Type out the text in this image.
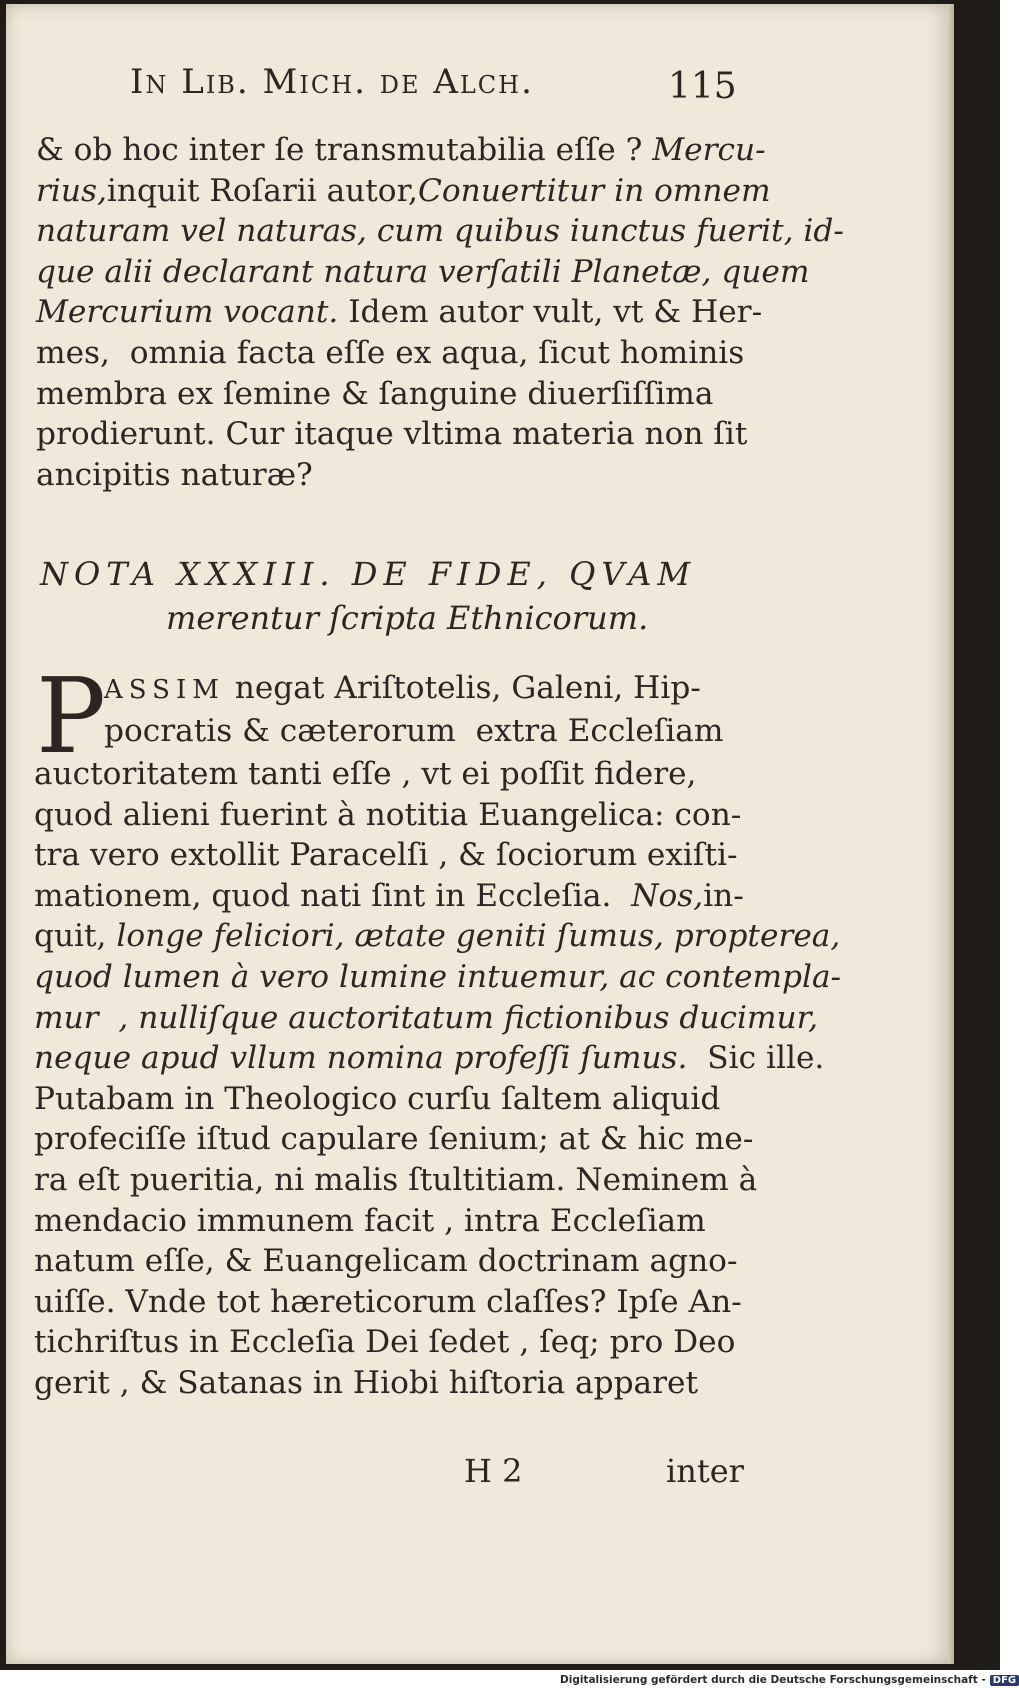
In Lib. Mich. de Alch.	115
& ob hoc inter ſe transmutabilia eſſe ? Mercu-
rius,inquit Roſarii autor,Conuertitur in omnem
naturam vel naturas, cum quibus iunctus fuerit, id-
que alii declarant natura verſatili Planetæ, quem
Mercurium vocant. Idem autor vult, vt & Her-
mes,  omnia facta eſſe ex aqua, ſicut hominis
membra ex ſemine & ſanguine diuerſiſſima
prodierunt. Cur itaque vltima materia non ſit
ancipitis naturæ?
NOTA XXXIII. DE FIDE, QVAM
merentur ſcripta Ethnicorum.
P
ASSIM negat Ariſtotelis, Galeni, Hip-
pocratis & cæterorum  extra Eccleſiam
auctoritatem tanti eſſe , vt ei poſſit fidere,
quod alieni fuerint à notitia Euangelica: con-
tra vero extollit Paracelſi , & ſociorum exiſti-
mationem, quod nati ſint in Eccleſia.  Nos,in-
quit, longe feliciori, ætate geniti ſumus, propterea,
quod lumen à vero lumine intuemur, ac contempla-
mur  , nulliſque auctoritatum fictionibus ducimur,
neque apud vllum nomina profeſſi ſumus.  Sic ille.
Putabam in Theologico curſu ſaltem aliquid
profeciſſe iſtud capulare ſenium; at & hic me-
ra eſt pueritia, ni malis ſtultitiam. Neminem à
mendacio immunem facit , intra Eccleſiam
natum eſſe, & Euangelicam doctrinam agno-
uiſſe. Vnde tot hæreticorum claſſes? Ipſe An-
tichriſtus in Eccleſia Dei ſedet , ſeq; pro Deo
gerit , & Satanas in Hiobi hiſtoria apparet
H 2	inter
Digitalisierung gefördert durch die Deutsche Forschungsgemeinschaft - DFG
